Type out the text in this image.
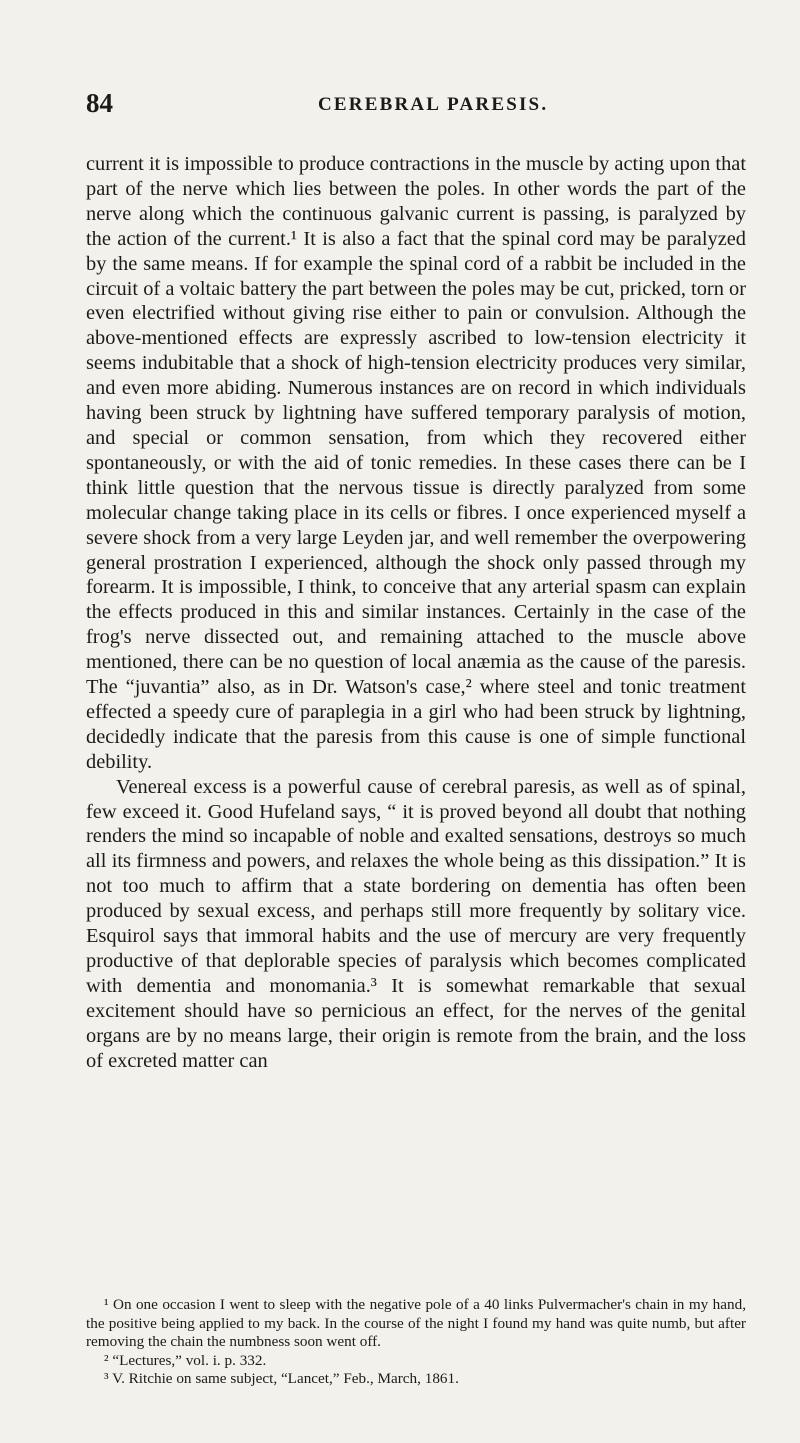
84	CEREBRAL PARESIS.

current it is impossible to produce contractions in the muscle by acting upon that part of the nerve which lies between the poles. In other words the part of the nerve along which the continuous galvanic current is passing, is paralyzed by the action of the current.¹ It is also a fact that the spinal cord may be paralyzed by the same means. If for example the spinal cord of a rabbit be included in the circuit of a voltaic battery the part between the poles may be cut, pricked, torn or even electrified without giving rise either to pain or convulsion. Although the above-mentioned effects are expressly ascribed to low-tension electricity it seems indubitable that a shock of high-tension electricity produces very similar, and even more abiding. Numerous instances are on record in which individuals having been struck by lightning have suffered temporary paralysis of motion, and special or common sensation, from which they recovered either spontaneously, or with the aid of tonic remedies. In these cases there can be I think little question that the nervous tissue is directly paralyzed from some molecular change taking place in its cells or fibres. I once experienced myself a severe shock from a very large Leyden jar, and well remember the overpowering general prostration I experienced, although the shock only passed through my forearm. It is impossible, I think, to conceive that any arterial spasm can explain the effects produced in this and similar instances. Certainly in the case of the frog's nerve dissected out, and remaining attached to the muscle above mentioned, there can be no question of local anæmia as the cause of the paresis. The “juvantia” also, as in Dr. Watson's case,² where steel and tonic treatment effected a speedy cure of paraplegia in a girl who had been struck by lightning, decidedly indicate that the paresis from this cause is one of simple functional debility.

Venereal excess is a powerful cause of cerebral paresis, as well as of spinal, few exceed it. Good Hufeland says, “ it is proved beyond all doubt that nothing renders the mind so incapable of noble and exalted sensations, destroys so much all its firmness and powers, and relaxes the whole being as this dissipation.” It is not too much to affirm that a state bordering on dementia has often been produced by sexual excess, and perhaps still more frequently by solitary vice. Esquirol says that immoral habits and the use of mercury are very frequently productive of that deplorable species of paralysis which becomes complicated with dementia and monomania.³ It is somewhat remarkable that sexual excitement should have so pernicious an effect, for the nerves of the genital organs are by no means large, their origin is remote from the brain, and the loss of excreted matter can

¹ On one occasion I went to sleep with the negative pole of a 40 links Pulvermacher's chain in my hand, the positive being applied to my back. In the course of the night I found my hand was quite numb, but after removing the chain the numbness soon went off.

² “Lectures,” vol. i. p. 332.

³ V. Ritchie on same subject, “Lancet,” Feb., March, 1861.
